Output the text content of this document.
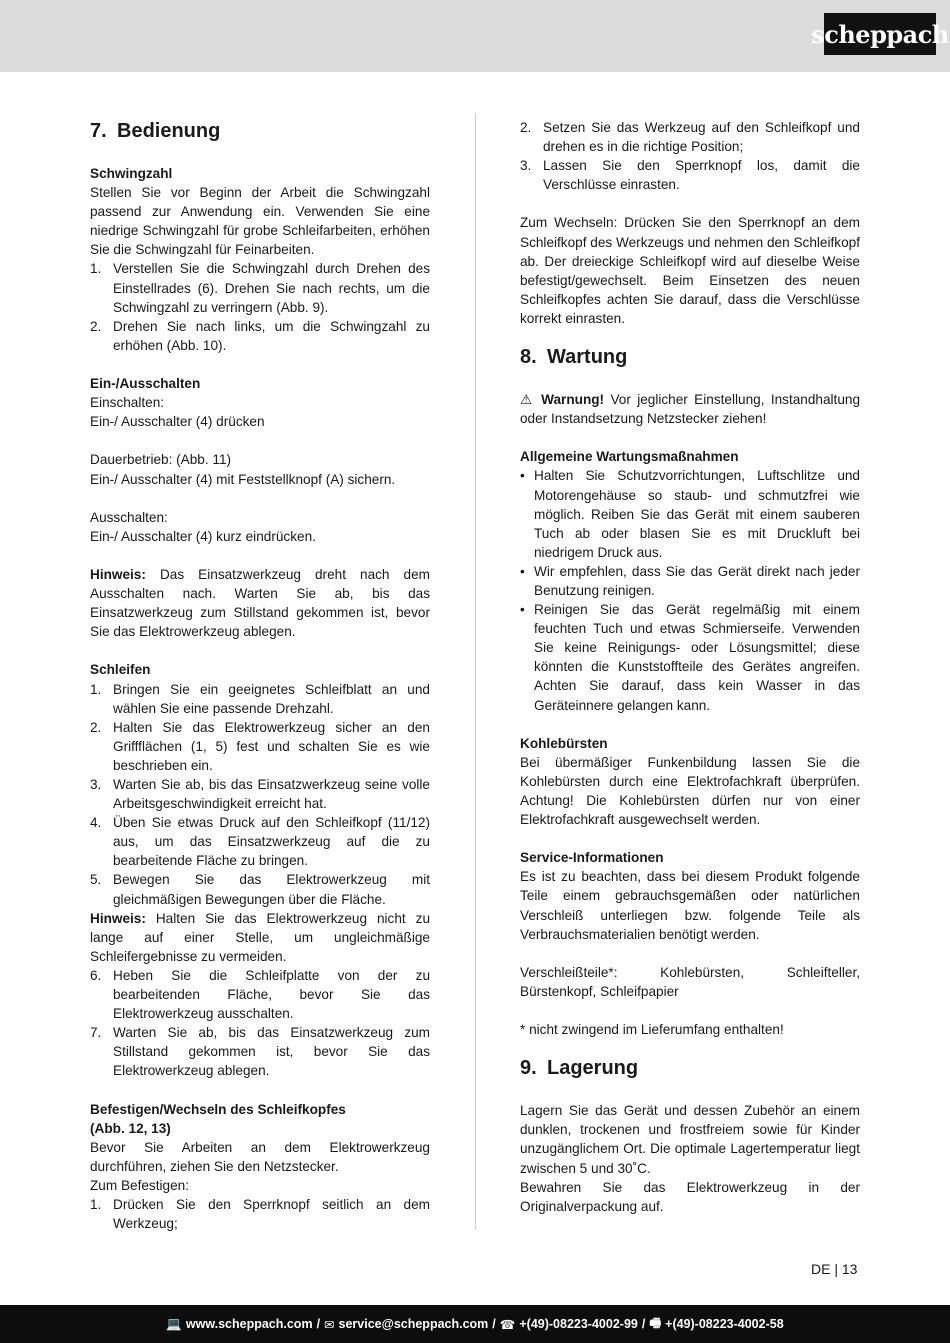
scheppach
7. Bedienung
Schwingzahl
Stellen Sie vor Beginn der Arbeit die Schwingzahl passend zur Anwendung ein. Verwenden Sie eine niedrige Schwingzahl für grobe Schleifarbeiten, erhöhen Sie die Schwingzahl für Feinarbeiten.
1. Verstellen Sie die Schwingzahl durch Drehen des Einstellrades (6). Drehen Sie nach rechts, um die Schwingzahl zu verringern (Abb. 9).
2. Drehen Sie nach links, um die Schwingzahl zu erhöhen (Abb. 10).
Ein-/Ausschalten
Einschalten:
Ein-/ Ausschalter (4) drücken
Dauerbetrieb: (Abb. 11)
Ein-/ Ausschalter (4) mit Feststellknopf (A) sichern.
Ausschalten:
Ein-/ Ausschalter (4) kurz eindrücken.
Hinweis: Das Einsatzwerkzeug dreht nach dem Ausschalten nach. Warten Sie ab, bis das Einsatzwerkzeug zum Stillstand gekommen ist, bevor Sie das Elektrowerkzeug ablegen.
Schleifen
1. Bringen Sie ein geeignetes Schleifblatt an und wählen Sie eine passende Drehzahl.
2. Halten Sie das Elektrowerkzeug sicher an den Griffflächen (1, 5) fest und schalten Sie es wie beschrieben ein.
3. Warten Sie ab, bis das Einsatzwerkzeug seine volle Arbeitsgeschwindigkeit erreicht hat.
4. Üben Sie etwas Druck auf den Schleifkopf (11/12) aus, um das Einsatzwerkzeug auf die zu bearbeitende Fläche zu bringen.
5. Bewegen Sie das Elektrowerkzeug mit gleichmäßigen Bewegungen über die Fläche.
Hinweis: Halten Sie das Elektrowerkzeug nicht zu lange auf einer Stelle, um ungleichmäßige Schleifergebnisse zu vermeiden.
6. Heben Sie die Schleifplatte von der zu bearbeitenden Fläche, bevor Sie das Elektrowerkzeug ausschalten.
7. Warten Sie ab, bis das Einsatzwerkzeug zum Stillstand gekommen ist, bevor Sie das Elektrowerkzeug ablegen.
Befestigen/Wechseln des Schleifkopfes
(Abb. 12, 13)
Bevor Sie Arbeiten an dem Elektrowerkzeug durchführen, ziehen Sie den Netzstecker.
Zum Befestigen:
1. Drücken Sie den Sperrknopf seitlich an dem Werkzeug;
2. Setzen Sie das Werkzeug auf den Schleifkopf und drehen es in die richtige Position;
3. Lassen Sie den Sperrknopf los, damit die Verschlüsse einrasten.
Zum Wechseln: Drücken Sie den Sperrknopf an dem Schleifkopf des Werkzeugs und nehmen den Schleifkopf ab. Der dreieckige Schleifkopf wird auf dieselbe Weise befestigt/gewechselt. Beim Einsetzen des neuen Schleifkopfes achten Sie darauf, dass die Verschlüsse korrekt einrasten.
8. Wartung
⚠ Warnung! Vor jeglicher Einstellung, Instandhaltung oder Instandsetzung Netzstecker ziehen!
Allgemeine Wartungsmaßnahmen
• Halten Sie Schutzvorrichtungen, Luftschlitze und Motorengehäuse so staub- und schmutzfrei wie möglich. Reiben Sie das Gerät mit einem sauberen Tuch ab oder blasen Sie es mit Druckluft bei niedrigem Druck aus.
• Wir empfehlen, dass Sie das Gerät direkt nach jeder Benutzung reinigen.
• Reinigen Sie das Gerät regelmäßig mit einem feuchten Tuch und etwas Schmierseife. Verwenden Sie keine Reinigungs- oder Lösungsmittel; diese könnten die Kunststoffteile des Gerätes angreifen. Achten Sie darauf, dass kein Wasser in das Geräteinnere gelangen kann.
Kohlebürsten
Bei übermäßiger Funkenbildung lassen Sie die Kohlebürsten durch eine Elektrofachkraft überprüfen. Achtung! Die Kohlebürsten dürfen nur von einer Elektrofachkraft ausgewechselt werden.
Service-Informationen
Es ist zu beachten, dass bei diesem Produkt folgende Teile einem gebrauchsgemäßen oder natürlichen Verschleiß unterliegen bzw. folgende Teile als Verbrauchsmaterialien benötigt werden.
Verschleißteile*: Kohlebürsten, Schleifteller, Bürstenkopf, Schleifpapier
* nicht zwingend im Lieferumfang enthalten!
9. Lagerung
Lagern Sie das Gerät und dessen Zubehör an einem dunklen, trockenen und frostfreiem sowie für Kinder unzugänglichem Ort. Die optimale Lagertemperatur liegt zwischen 5 und 30˚C.
Bewahren Sie das Elektrowerkzeug in der Originalverpackung auf.
DE | 13
💻 www.scheppach.com / ✉ service@scheppach.com / ☎ +(49)-08223-4002-99 / 🖷 +(49)-08223-4002-58
